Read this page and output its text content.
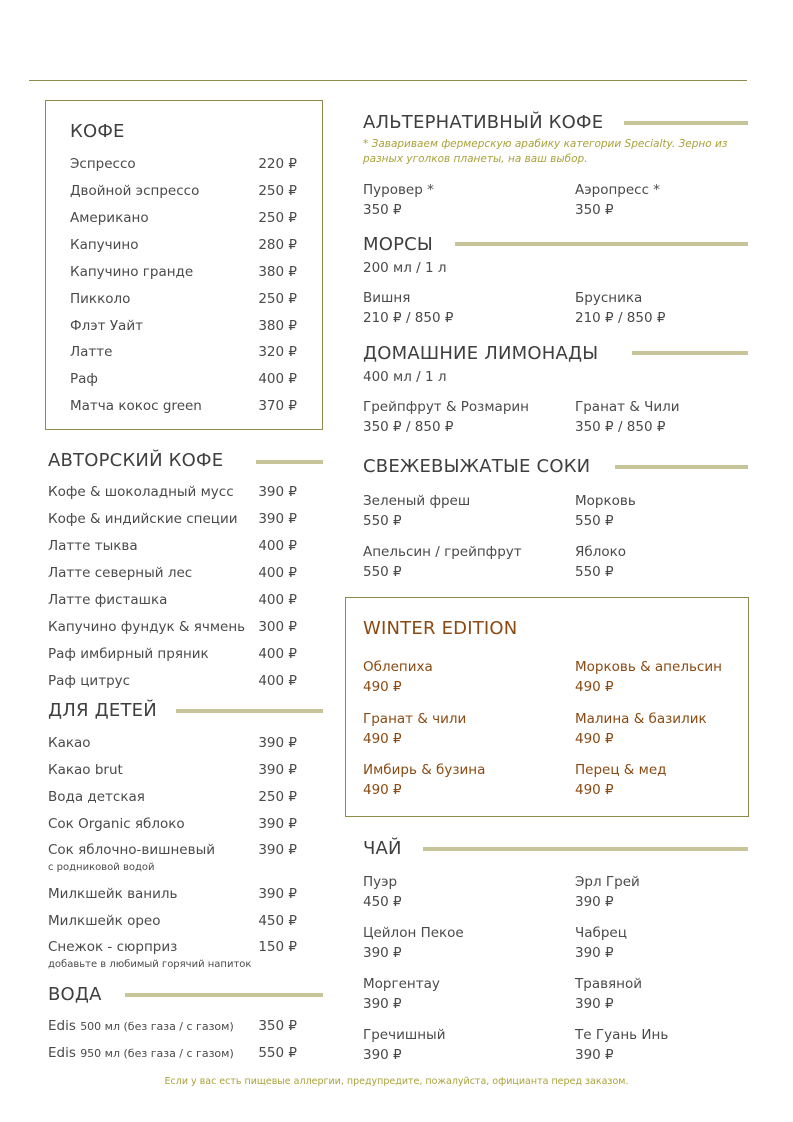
КОФЕ
Эспрессо	220 ₽
Двойной эспрессо	250 ₽
Американо	250 ₽
Капучино	280 ₽
Капучино гранде	380 ₽
Пикколо	250 ₽
Флэт Уайт	380 ₽
Латте	320 ₽
Раф	400 ₽
Матча кокос green	370 ₽
АВТОРСКИЙ КОФЕ
Кофе & шоколадный мусс 390 ₽
Кофе & индийские специи 390 ₽
Латте тыква	400 ₽
Латте северный лес	400 ₽
Латте фисташка	400 ₽
Капучино фундук & ячмень 300 ₽
Раф имбирный пряник	400 ₽
Раф цитрус	400 ₽
ДЛЯ ДЕТЕЙ
Какао	390 ₽
Какао brut	390 ₽
Вода детская	250 ₽
Сок Organic яблоко	390 ₽
Сок яблочно-вишневый	390 ₽
с родниковой водой
Милкшейк ваниль	390 ₽
Милкшейк орео	450 ₽
Снежок - сюрприз	150 ₽
добавьте в любимый горячий напиток
ВОДА
Edis 500 мл (без газа / с газом) 350 ₽
Edis 950 мл (без газа / с газом) 550 ₽
АЛЬТЕРНАТИВНЫЙ КОФЕ
* Завариваем фермерскую арабику категории Specialty. Зерно из разных уголков планеты, на ваш выбор.
Пуровер *
350 ₽
Аэропресс *
350 ₽
МОРСЫ
200 мл / 1 л
Вишня
210 ₽ / 850 ₽
Брусника
210 ₽ / 850 ₽
ДОМАШНИЕ ЛИМОНАДЫ
400 мл / 1 л
Грейпфрут & Розмарин
350 ₽ / 850 ₽
Гранат & Чили
350 ₽ / 850 ₽
СВЕЖЕВЫЖАТЫЕ СОКИ
Зеленый фреш
550 ₽
Морковь
550 ₽
Апельсин / грейпфрут
550 ₽
Яблоко
550 ₽
WINTER EDITION
Облепиха
490 ₽
Морковь & апельсин
490 ₽
Гранат & чили
490 ₽
Малина & базилик
490 ₽
Имбирь & бузина
490 ₽
Перец & мед
490 ₽
ЧАЙ
Пуэр
450 ₽
Эрл Грей
390 ₽
Цейлон Пекое
390 ₽
Чабрец
390 ₽
Моргентау
390 ₽
Травяной
390 ₽
Гречишный
390 ₽
Те Гуань Инь
390 ₽
Если у вас есть пищевые аллергии, предупредите, пожалуйста, официанта перед заказом.
